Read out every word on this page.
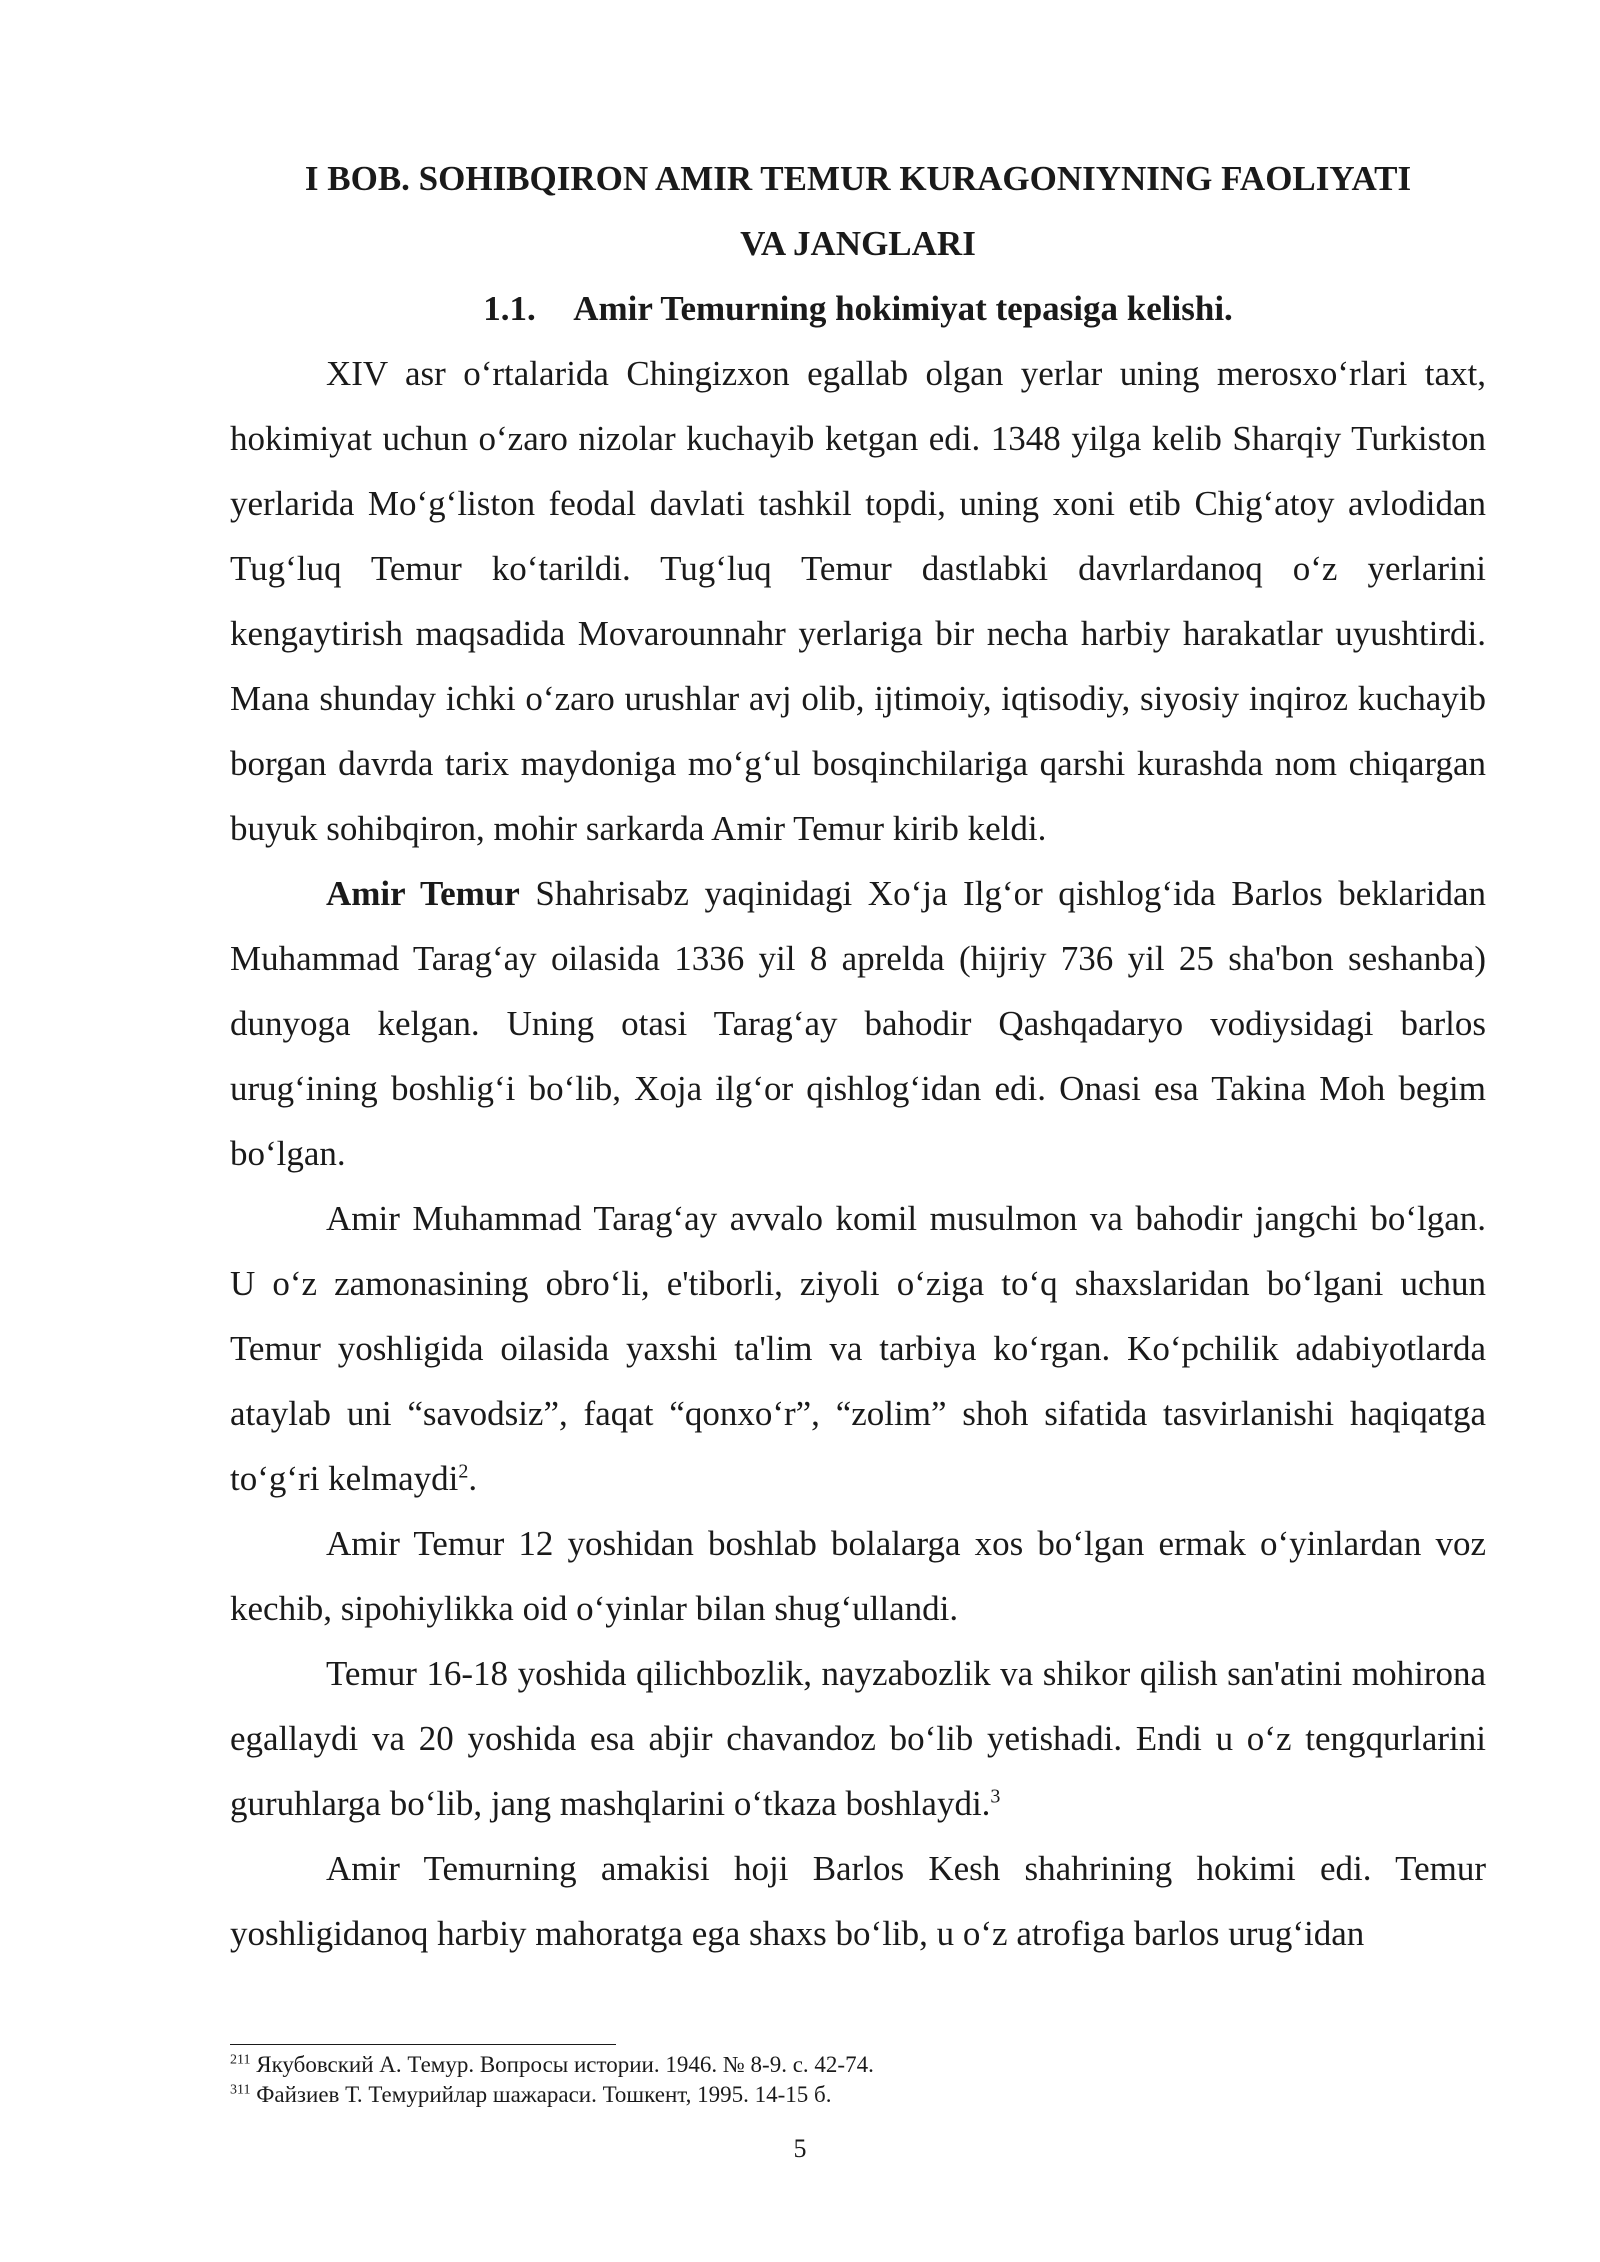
I BOB. SOHIBQIRON AMIR TEMUR KURAGONIYNING FAOLIYATI
VA JANGLARI
1.1. Amir Temurning hokimiyat tepasiga kelishi.

XIV asr o‘rtalarida Chingizxon egallab olgan yerlar uning merosxo‘rlari taxt, hokimiyat uchun o‘zaro nizolar kuchayib ketgan edi. 1348 yilga kelib Sharqiy Turkiston yerlarida Mo‘g‘liston feodal davlati tashkil topdi, uning xoni etib Chig‘atoy avlodidan Tug‘luq Temur ko‘tarildi. Tug‘luq Temur dastlabki davrlardanoq o‘z yerlarini kengaytirish maqsadida Movarounnahr yerlariga bir necha harbiy harakatlar uyushtirdi. Mana shunday ichki o‘zaro urushlar avj olib, ijtimoiy, iqtisodiy, siyosiy inqiroz kuchayib borgan davrda tarix maydoniga mo‘g‘ul bosqinchilariga qarshi kurashda nom chiqargan buyuk sohibqiron, mohir sarkarda Amir Temur kirib keldi.

Amir Temur Shahrisabz yaqinidagi Xo‘ja Ilg‘or qishlog‘ida Barlos beklaridan Muhammad Tarag‘ay oilasida 1336 yil 8 aprelda (hijriy 736 yil 25 sha'bon seshanba) dunyoga kelgan. Uning otasi Tarag‘ay bahodir Qashqadaryo vodiysidagi barlos urug‘ining boshlig‘i bo‘lib, Xoja ilg‘or qishlog‘idan edi. Onasi esa Takina Moh begim bo‘lgan.

Amir Muhammad Tarag‘ay avvalo komil musulmon va bahodir jangchi bo‘lgan. U o‘z zamonasining obro‘li, e'tiborli, ziyoli o‘ziga to‘q shaxslaridan bo‘lgani uchun Temur yoshligida oilasida yaxshi ta'lim va tarbiya ko‘rgan. Ko‘pchilik adabiyotlarda ataylab uni “savodsiz”, faqat “qonxo‘r”, “zolim” shoh sifatida tasvirlanishi haqiqatga to‘g‘ri kelmaydi$^2$.

Amir Temur 12 yoshidan boshlab bolalarga xos bo‘lgan ermak o‘yinlardan voz kechib, sipohiylikka oid o‘yinlar bilan shug‘ullandi.

Temur 16-18 yoshida qilichbozlik, nayzabozlik va shikor qilish san'atini mohirona egallaydi va 20 yoshida esa abjir chavandoz bo‘lib yetishadi. Endi u o‘z tengqurlarini guruhlarga bo‘lib, jang mashqlarini o‘tkaza boshlaydi.$^3$

Amir Temurning amakisi hoji Barlos Kesh shahrining hokimi edi. Temur yoshligidanoq harbiy mahoratga ega shaxs bo‘lib, u o‘z atrofiga barlos urug‘idan

$^{211}$ Якубовский А. Темур. Вопросы истории. 1946. № 8-9. с. 42-74.
$^{311}$ Файзиев Т. Темурийлар шажараси. Тошкент, 1995. 14-15 б.
5
